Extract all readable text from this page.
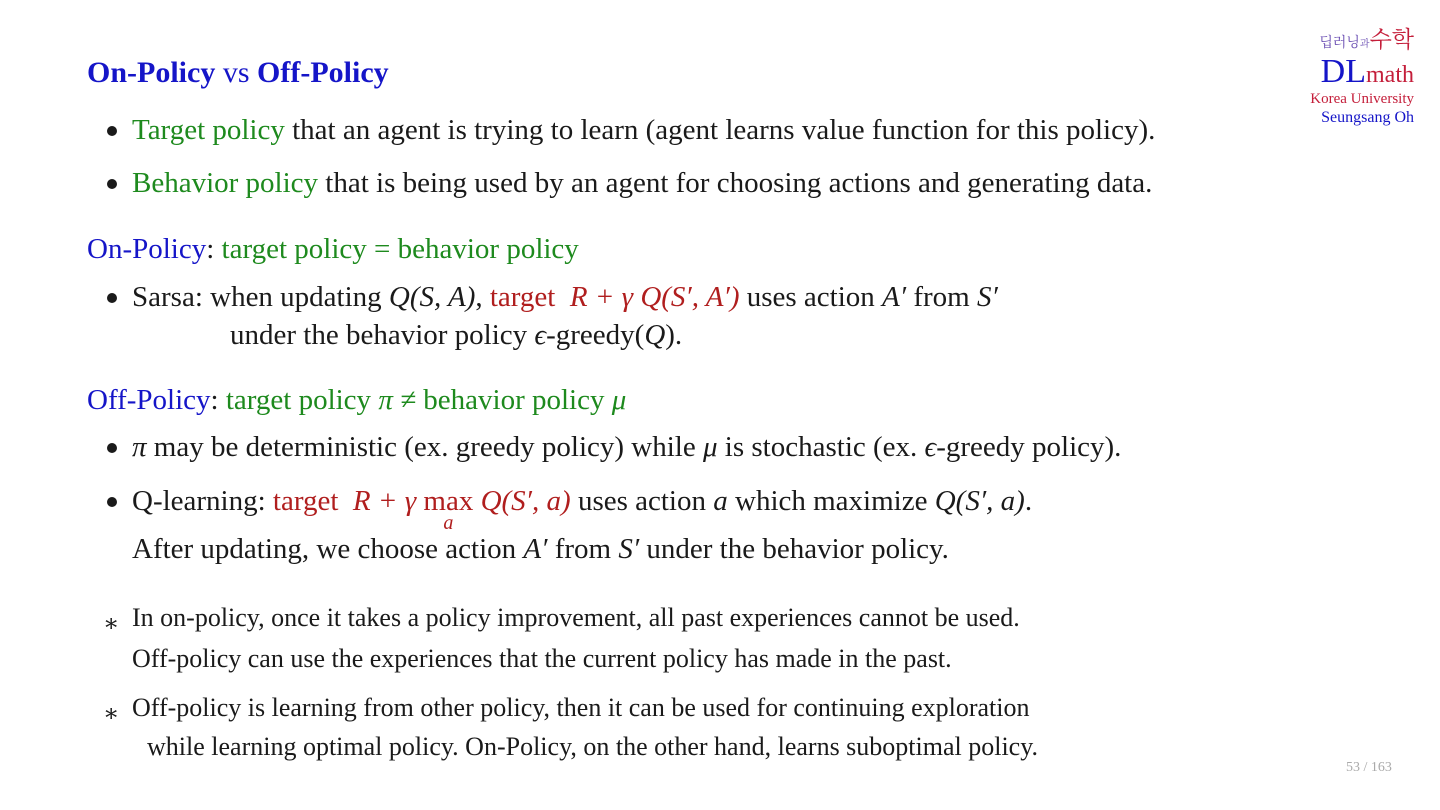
On-Policy vs Off-Policy
Target policy that an agent is trying to learn (agent learns value function for this policy).
Behavior policy that is being used by an agent for choosing actions and generating data.
On-Policy: target policy = behavior policy
Sarsa: when updating Q(S, A), target R + γ Q(S′, A′) uses action A′ from S′
under the behavior policy ϵ-greedy(Q).
Off-Policy: target policy π ≠ behavior policy μ
π may be deterministic (ex. greedy policy) while μ is stochastic (ex. ϵ-greedy policy).
Q-learning: target R + γ max
a
Q(S′, a) uses action a which maximize Q(S′, a).
After updating, we choose action A′ from S′ under the behavior policy.
∗ In on-policy, once it takes a policy improvement, all past experiences cannot be used.
Off-policy can use the experiences that the current policy has made in the past.
∗ Off-policy is learning from other policy, then it can be used for continuing exploration
while learning optimal policy. On-Policy, on the other hand, learns suboptimal policy.
딥러닝과수학
DLmath
Korea University
Seungsang Oh
53 / 163
